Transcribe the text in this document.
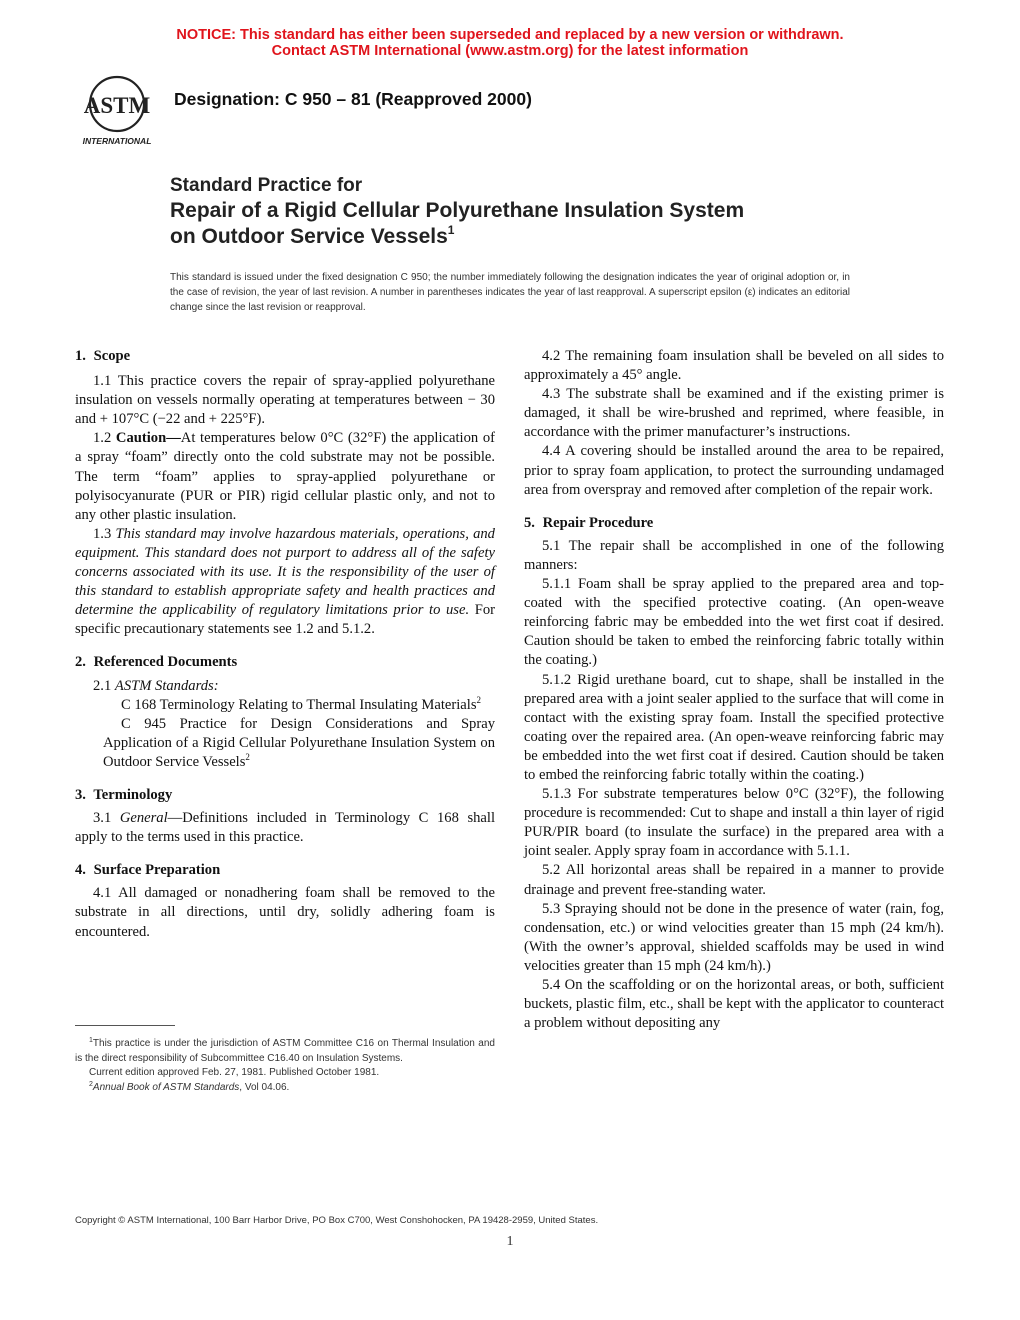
NOTICE: This standard has either been superseded and replaced by a new version or withdrawn.
Contact ASTM International (www.astm.org) for the latest information
ASTM
INTERNATIONAL
Designation: C 950 – 81 (Reapproved 2000)
Standard Practice for
Repair of a Rigid Cellular Polyurethane Insulation System
on Outdoor Service Vessels$^1$
This standard is issued under the fixed designation C 950; the number immediately following the designation indicates the year of original adoption or, in the case of revision, the year of last revision. A number in parentheses indicates the year of last reapproval. A superscript epsilon (ε) indicates an editorial change since the last revision or reapproval.
1. Scope

1.1 This practice covers the repair of spray-applied polyurethane insulation on vessels normally operating at temperatures between − 30 and + 107°C (−22 and + 225°F).

1.2 Caution—At temperatures below 0°C (32°F) the application of a spray “foam” directly onto the cold substrate may not be possible. The term “foam” applies to spray-applied polyurethane or polyisocyanurate (PUR or PIR) rigid cellular plastic only, and not to any other plastic insulation.

1.3 This standard may involve hazardous materials, operations, and equipment. This standard does not purport to address all of the safety concerns associated with its use. It is the responsibility of the user of this standard to establish appropriate safety and health practices and determine the applicability of regulatory limitations prior to use. For specific precautionary statements see 1.2 and 5.1.2.

2. Referenced Documents

2.1 ASTM Standards:

C 168 Terminology Relating to Thermal Insulating Materials$^2$

C 945 Practice for Design Considerations and Spray Application of a Rigid Cellular Polyurethane Insulation System on Outdoor Service Vessels$^2$

3. Terminology

3.1 General—Definitions included in Terminology C 168 shall apply to the terms used in this practice.

4. Surface Preparation

4.1 All damaged or nonadhering foam shall be removed to the substrate in all directions, until dry, solidly adhering foam is encountered.

4.2 The remaining foam insulation shall be beveled on all sides to approximately a 45° angle.

4.3 The substrate shall be examined and if the existing primer is damaged, it shall be wire-brushed and reprimed, where feasible, in accordance with the primer manufacturer’s instructions.

4.4 A covering should be installed around the area to be repaired, prior to spray foam application, to protect the surrounding undamaged area from overspray and removed after completion of the repair work.

5. Repair Procedure

5.1 The repair shall be accomplished in one of the following manners:

5.1.1 Foam shall be spray applied to the prepared area and top-coated with the specified protective coating. (An open-weave reinforcing fabric may be embedded into the wet first coat if desired. Caution should be taken to embed the reinforcing fabric totally within the coating.)

5.1.2 Rigid urethane board, cut to shape, shall be installed in the prepared area with a joint sealer applied to the surface that will come in contact with the existing spray foam. Install the specified protective coating over the repaired area. (An open-weave reinforcing fabric may be embedded into the wet first coat if desired. Caution should be taken to embed the reinforcing fabric totally within the coating.)

5.1.3 For substrate temperatures below 0°C (32°F), the following procedure is recommended: Cut to shape and install a thin layer of rigid PUR/PIR board (to insulate the surface) in the prepared area with a joint sealer. Apply spray foam in accordance with 5.1.1.

5.2 All horizontal areas shall be repaired in a manner to provide drainage and prevent free-standing water.

5.3 Spraying should not be done in the presence of water (rain, fog, condensation, etc.) or wind velocities greater than 15 mph (24 km/h). (With the owner’s approval, shielded scaffolds may be used in wind velocities greater than 15 mph (24 km/h).)

5.4 On the scaffolding or on the horizontal areas, or both, sufficient buckets, plastic film, etc., shall be kept with the applicator to counteract a problem without depositing any

$^1$This practice is under the jurisdiction of ASTM Committee C16 on Thermal Insulation and is the direct responsibility of Subcommittee C16.40 on Insulation Systems.

Current edition approved Feb. 27, 1981. Published October 1981.

$^2$Annual Book of ASTM Standards, Vol 04.06.

Copyright © ASTM International, 100 Barr Harbor Drive, PO Box C700, West Conshohocken, PA 19428-2959, United States.
1
